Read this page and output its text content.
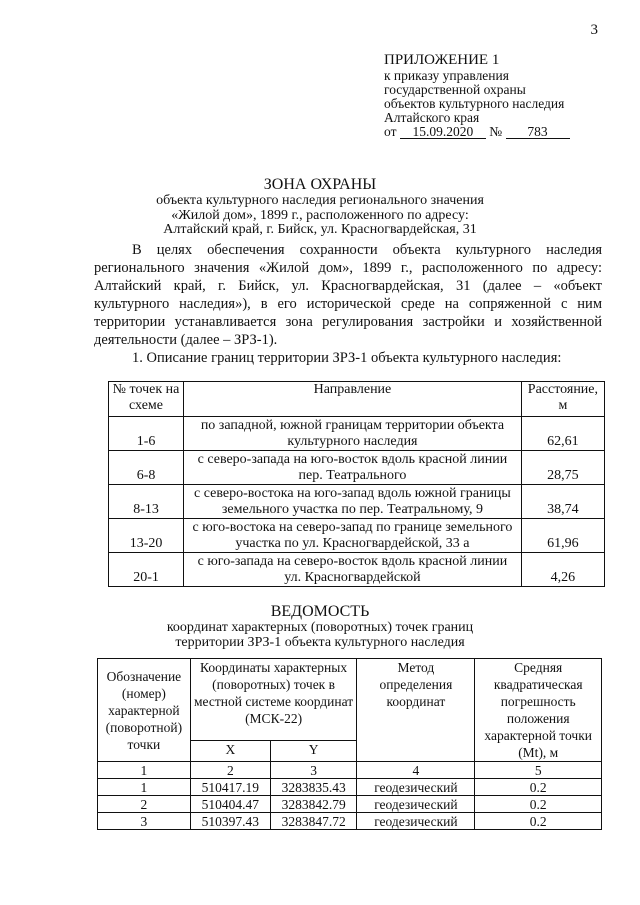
3
ПРИЛОЖЕНИЕ 1
к приказу управления
государственной охраны
объектов культурного наследия
Алтайского края
от 15.09.2020 № 783
ЗОНА ОХРАНЫ
объекта культурного наследия регионального значения
«Жилой дом», 1899 г., расположенного по адресу:
Алтайский край, г. Бийск, ул. Красногвардейская, 31

В целях обеспечения сохранности объекта культурного наследия регионального значения «Жилой дом», 1899 г., расположенного по адресу: Алтайский край, г. Бийск, ул. Красногвардейская, 31 (далее – «объект культурного наследия»), в его исторической среде на сопряженной с ним территории устанавливается зона регулирования застройки и хозяйственной деятельности (далее – ЗРЗ-1).

1. Описание границ территории ЗРЗ-1 объекта культурного наследия:

№ точек на схеме	Направление	Расстояние, м
1-6	по западной, южной границам территории объекта культурного наследия	62,61
6-8	с северо-запада на юго-восток вдоль красной линии пер. Театрального	28,75
8-13	с северо-востока на юго-запад вдоль южной границы земельного участка по пер. Театральному, 9	38,74
13-20	с юго-востока на северо-запад по границе земельного участка по ул. Красногвардейской, 33 а	61,96
20-1	с юго-запада на северо-восток вдоль красной линии ул. Красногвардейской	4,26
ВЕДОМОСТЬ
координат характерных (поворотных) точек границ
территории ЗРЗ-1 объекта культурного наследия
Обозначение (номер) характерной (поворотной) точки	Координаты характерных (поворотных) точек в местной системе координат (МСК-22)		Метод определения координат	Средняя квадратическая погрешность положения характерной точки (Mt), м
	X	Y		
1	2	3	4	5
1	510417.19	3283835.43	геодезический	0.2
2	510404.47	3283842.79	геодезический	0.2
3	510397.43	3283847.72	геодезический	0.2
